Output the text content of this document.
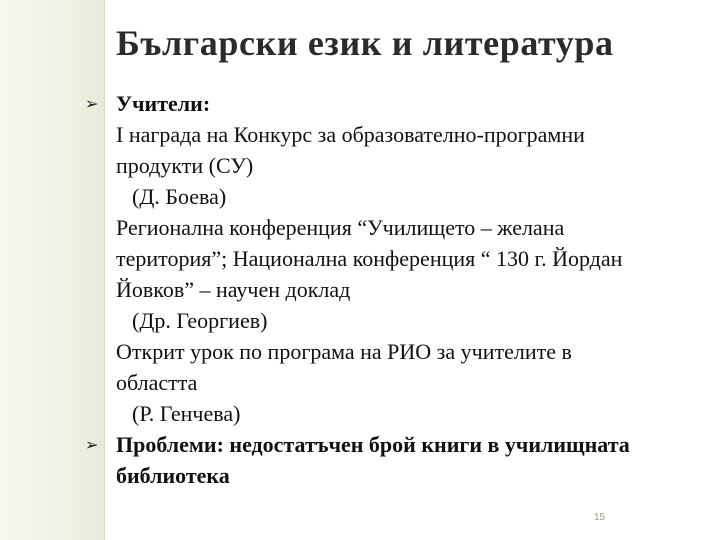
Български език и литература
➢ Учители:
І награда на Конкурс за образователно-програмни
продукти (СУ)
(Д. Боева)
Регионална конференция “Училището – желана
територия”; Национална конференция “ 130 г. Йордан
Йовков” – научен доклад
(Др. Георгиев)
Открит урок по програма на РИО за учителите в
областта
(Р. Генчева)
➢ Проблеми: недостатъчен брой книги в училищната
библиотека
15
